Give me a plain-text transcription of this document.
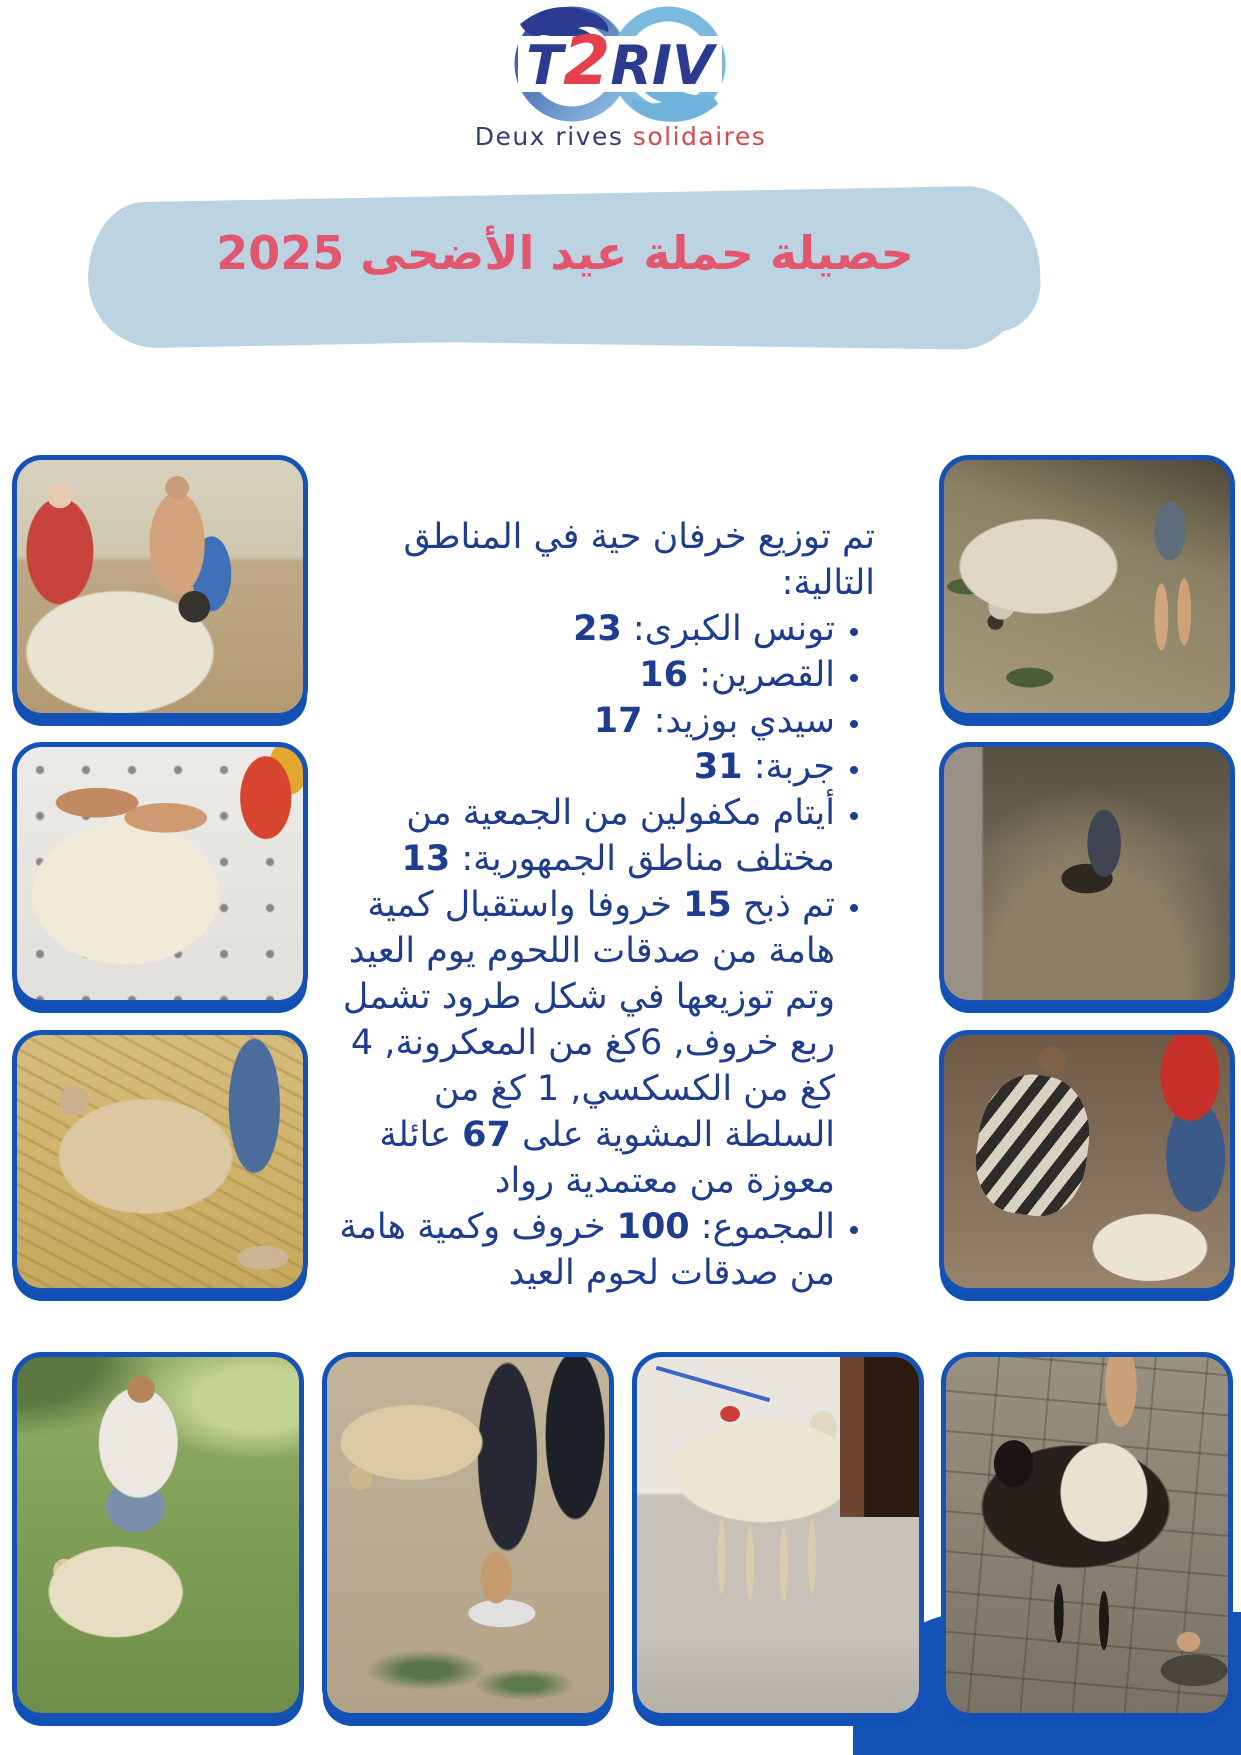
T2RIV
Deux rives solidaires
حصيلة حملة عيد الأضحى 2025

تم توزيع خرفان حية في المناطق التالية:

• تونس الكبرى: 23
• القصرين: 16
• سيدي بوزيد: 17
• جربة: 31
• أيتام مكفولين من الجمعية من مختلف مناطق الجمهورية: 13
• تم ذبح 15 خروفا واستقبال كمية هامة من صدقات اللحوم يوم العيد وتم توزيعها في شكل طرود تشمل ربع خروف, 6كغ من المعكرونة, 4 كغ من الكسكسي, 1 كغ من السلطة المشوية على 67 عائلة معوزة من معتمدية رواد
• المجموع: 100 خروف وكمية هامة من صدقات لحوم العيد
